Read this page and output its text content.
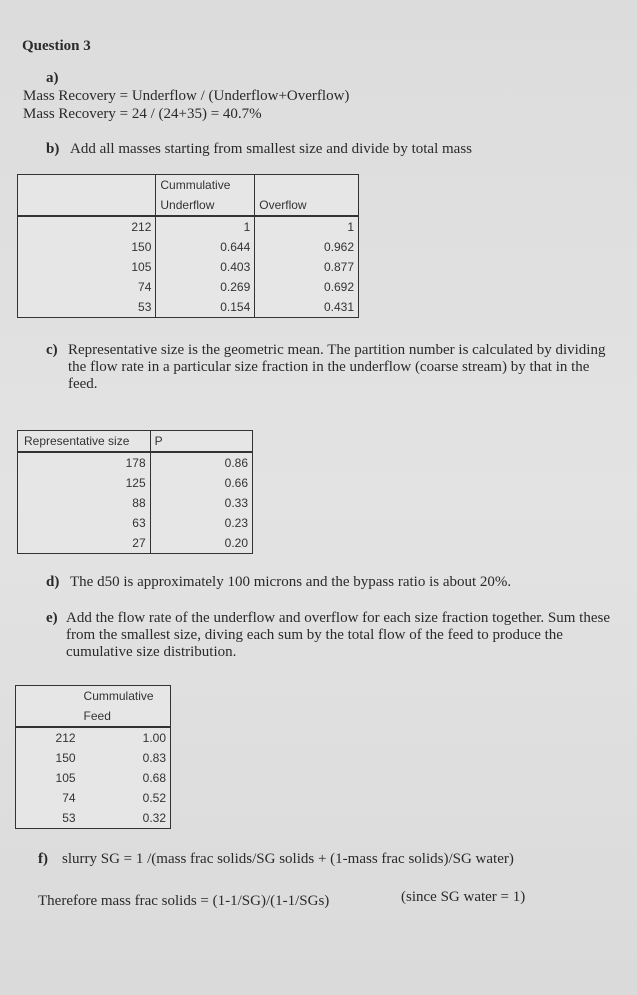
Question 3
a)
Mass Recovery = Underflow / (Underflow+Overflow)
Mass Recovery = 24 / (24+35) = 40.7%
b) Add all masses starting from smallest size and divide by total mass
	Cummulative	
	Underflow	Overflow
212	1	1
150	0.644	0.962
105	0.403	0.877
74	0.269	0.692
53	0.154	0.431
c) Representative size is the geometric mean. The partition number is calculated by dividing the flow rate in a particular size fraction in the underflow (coarse stream) by that in the feed.
Representative size	P
178	0.86
125	0.66
88	0.33
63	0.23
27	0.20
d) The d50 is approximately 100 microns and the bypass ratio is about 20%.
e) Add the flow rate of the underflow and overflow for each size fraction together. Sum these from the smallest size, diving each sum by the total flow of the feed to produce the cumulative size distribution.
	Cummulative
	Feed
212	1.00
150	0.83
105	0.68
74	0.52
53	0.32
f) slurry SG = 1 /(mass frac solids/SG solids + (1-mass frac solids)/SG water)
Therefore mass frac solids = (1-1/SG)/(1-1/SGs)	(since SG water = 1)
